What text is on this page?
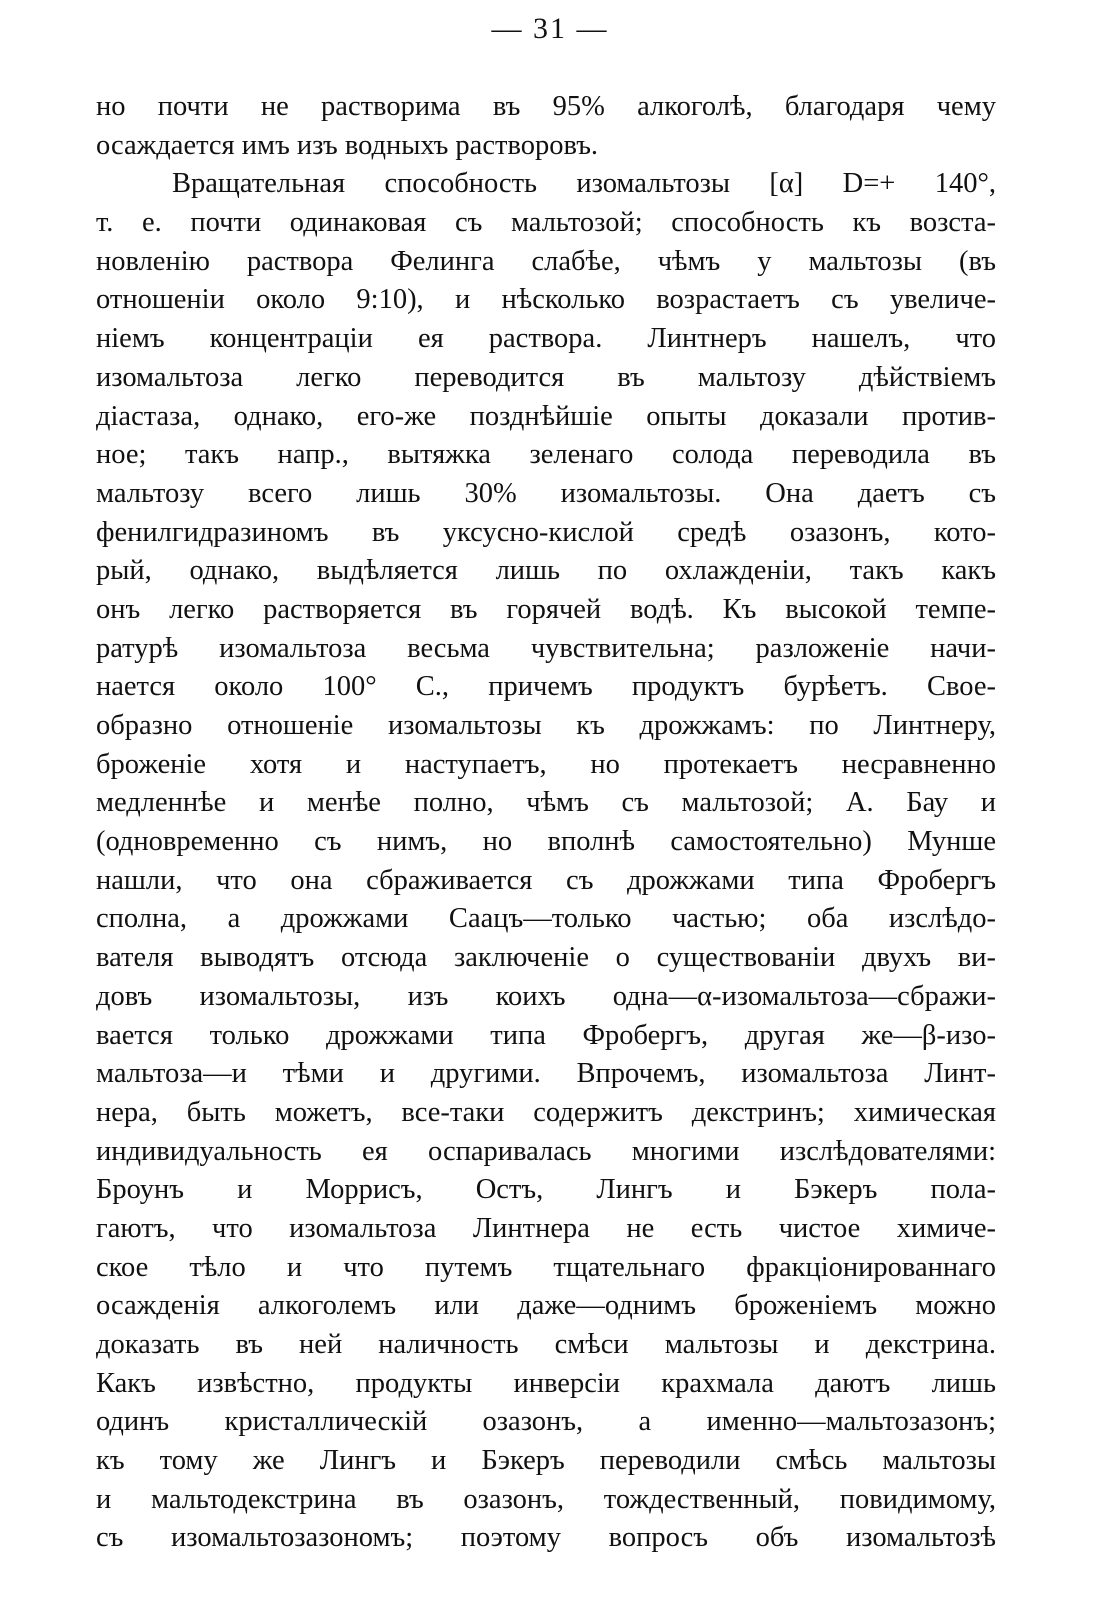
— 31 —
но почти не растворима въ 95% алкоголѣ, благодаря чему
осаждается имъ изъ водныхъ растворовъ.
Вращательная способность изомальтозы [α] D=+ 140°,
т. е. почти одинаковая съ мальтозой; способность къ возста-
новленію раствора Фелинга слабѣе, чѣмъ у мальтозы (въ
отношеніи около 9:10), и нѣсколько возрастаетъ съ увеличе-
ніемъ концентраціи ея раствора. Линтнеръ нашелъ, что
изомальтоза легко переводится въ мальтозу дѣйствіемъ
діастаза, однако, его-же позднѣйшіе опыты доказали против-
ное; такъ напр., вытяжка зеленаго солода переводила въ
мальтозу всего лишь 30% изомальтозы. Она даетъ съ
фенилгидразиномъ въ уксусно-кислой средѣ озазонъ, кото-
рый, однако, выдѣляется лишь по охлажденіи, такъ какъ
онъ легко растворяется въ горячей водѣ. Къ высокой темпе-
ратурѣ изомальтоза весьма чувствительна; разложеніе начи-
нается около 100° С., причемъ продуктъ бурѣетъ. Свое-
образно отношеніе изомальтозы къ дрожжамъ: по Линтнеру,
броженіе хотя и наступаетъ, но протекаетъ несравненно
медленнѣе и менѣе полно, чѣмъ съ мальтозой; А. Бау и
(одновременно съ нимъ, но вполнѣ самостоятельно) Мунше
нашли, что она сбраживается съ дрожжами типа Фробергъ
сполна, а дрожжами Саацъ—только частью; оба изслѣдо-
вателя выводятъ отсюда заключеніе о существованіи двухъ ви-
довъ изомальтозы, изъ коихъ одна—α-изомальтоза—сбражи-
вается только дрожжами типа Фробергъ, другая же—β-изо-
мальтоза—и тѣми и другими. Впрочемъ, изомальтоза Линт-
нера, быть можетъ, все-таки содержитъ декстринъ; химическая
индивидуальность ея оспаривалась многими изслѣдователями:
Броунъ и Моррисъ, Остъ, Лингъ и Бэкеръ пола-
гаютъ, что изомальтоза Линтнера не есть чистое химиче-
ское тѣло и что путемъ тщательнаго фракціонированнаго
осажденія алкоголемъ или даже—однимъ броженіемъ можно
доказать въ ней наличность смѣси мальтозы и декстрина.
Какъ извѣстно, продукты инверсіи крахмала даютъ лишь
одинъ кристаллическій озазонъ, а именно—мальтозазонъ;
къ тому же Лингъ и Бэкеръ переводили смѣсь мальтозы
и мальтодекстрина въ озазонъ, тождественный, повидимому,
съ изомальтозазономъ; поэтому вопросъ объ изомальтозѣ
